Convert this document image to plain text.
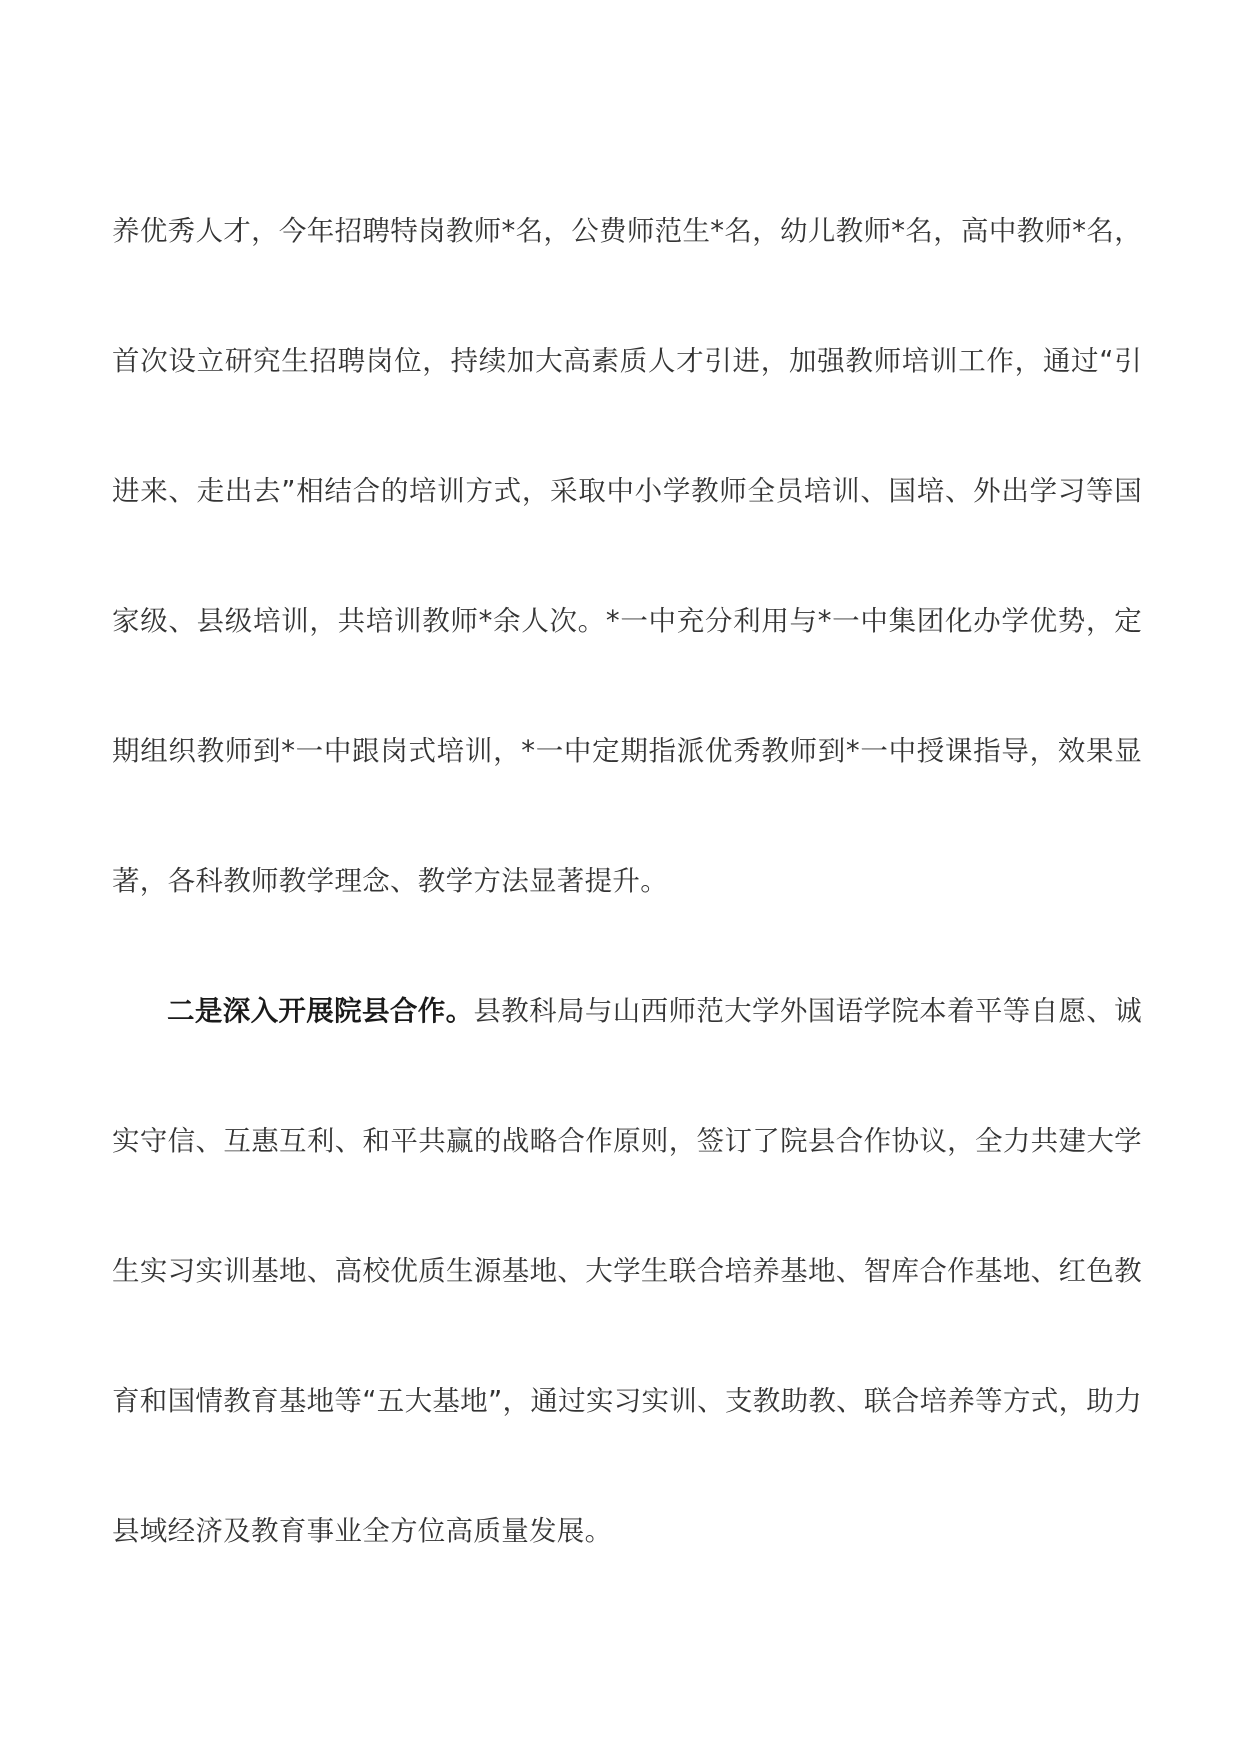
养优秀人才，今年招聘特岗教师*名，公费师范生*名，幼儿教师*名，高中教师*名，首次设立研究生招聘岗位，持续加大高素质人才引进，加强教师培训工作，通过“引进来、走出去”相结合的培训方式，采取中小学教师全员培训、国培、外出学习等国家级、县级培训，共培训教师*余人次。*一中充分利用与*一中集团化办学优势，定期组织教师到*一中跟岗式培训，*一中定期指派优秀教师到*一中授课指导，效果显著，各科教师教学理念、教学方法显著提升。

二是深入开展院县合作。县教科局与山西师范大学外国语学院本着平等自愿、诚实守信、互惠互利、和平共赢的战略合作原则，签订了院县合作协议，全力共建大学生实习实训基地、高校优质生源基地、大学生联合培养基地、智库合作基地、红色教育和国情教育基地等“五大基地”，通过实习实训、支教助教、联合培养等方式，助力县域经济及教育事业全方位高质量发展。
